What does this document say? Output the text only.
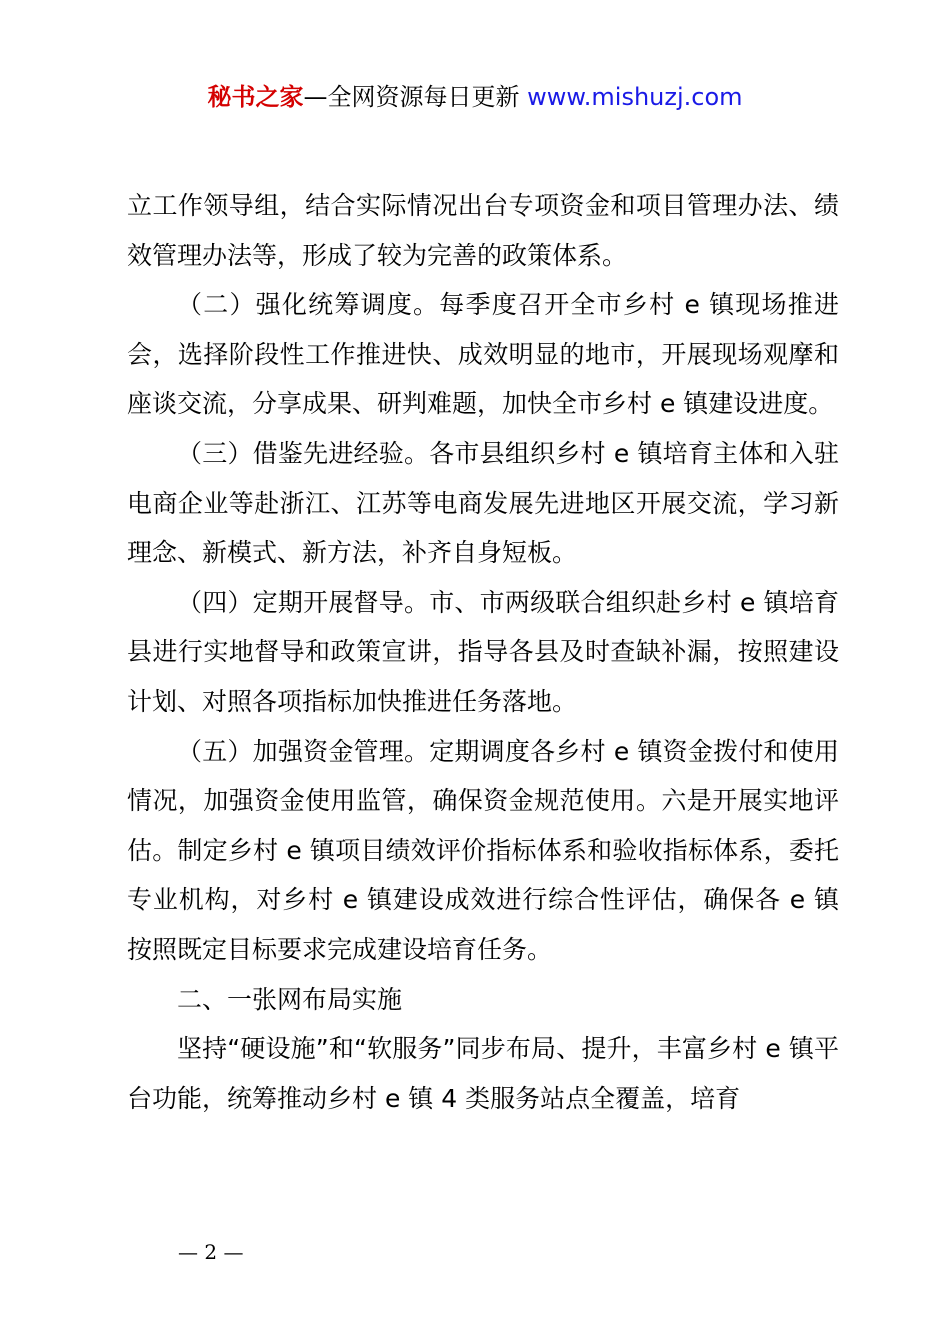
秘书之家—全网资源每日更新 www.mishuzj.com

立工作领导组，结合实际情况出台专项资金和项目管理办法、绩效管理办法等，形成了较为完善的政策体系。

（二）强化统筹调度。每季度召开全市乡村 e 镇现场推进会，选择阶段性工作推进快、成效明显的地市，开展现场观摩和座谈交流，分享成果、研判难题，加快全市乡村 e 镇建设进度。

（三）借鉴先进经验。各市县组织乡村 e 镇培育主体和入驻电商企业等赴浙江、江苏等电商发展先进地区开展交流，学习新理念、新模式、新方法，补齐自身短板。

（四）定期开展督导。市、市两级联合组织赴乡村 e 镇培育县进行实地督导和政策宣讲，指导各县及时查缺补漏，按照建设计划、对照各项指标加快推进任务落地。

（五）加强资金管理。定期调度各乡村 e 镇资金拨付和使用情况，加强资金使用监管，确保资金规范使用。六是开展实地评估。制定乡村 e 镇项目绩效评价指标体系和验收指标体系，委托专业机构，对乡村 e 镇建设成效进行综合性评估，确保各 e 镇按照既定目标要求完成建设培育任务。

二、一张网布局实施

坚持“硬设施”和“软服务”同步布局、提升，丰富乡村 e 镇平台功能，统筹推动乡村 e 镇 4 类服务站点全覆盖，培育

— 2 —
